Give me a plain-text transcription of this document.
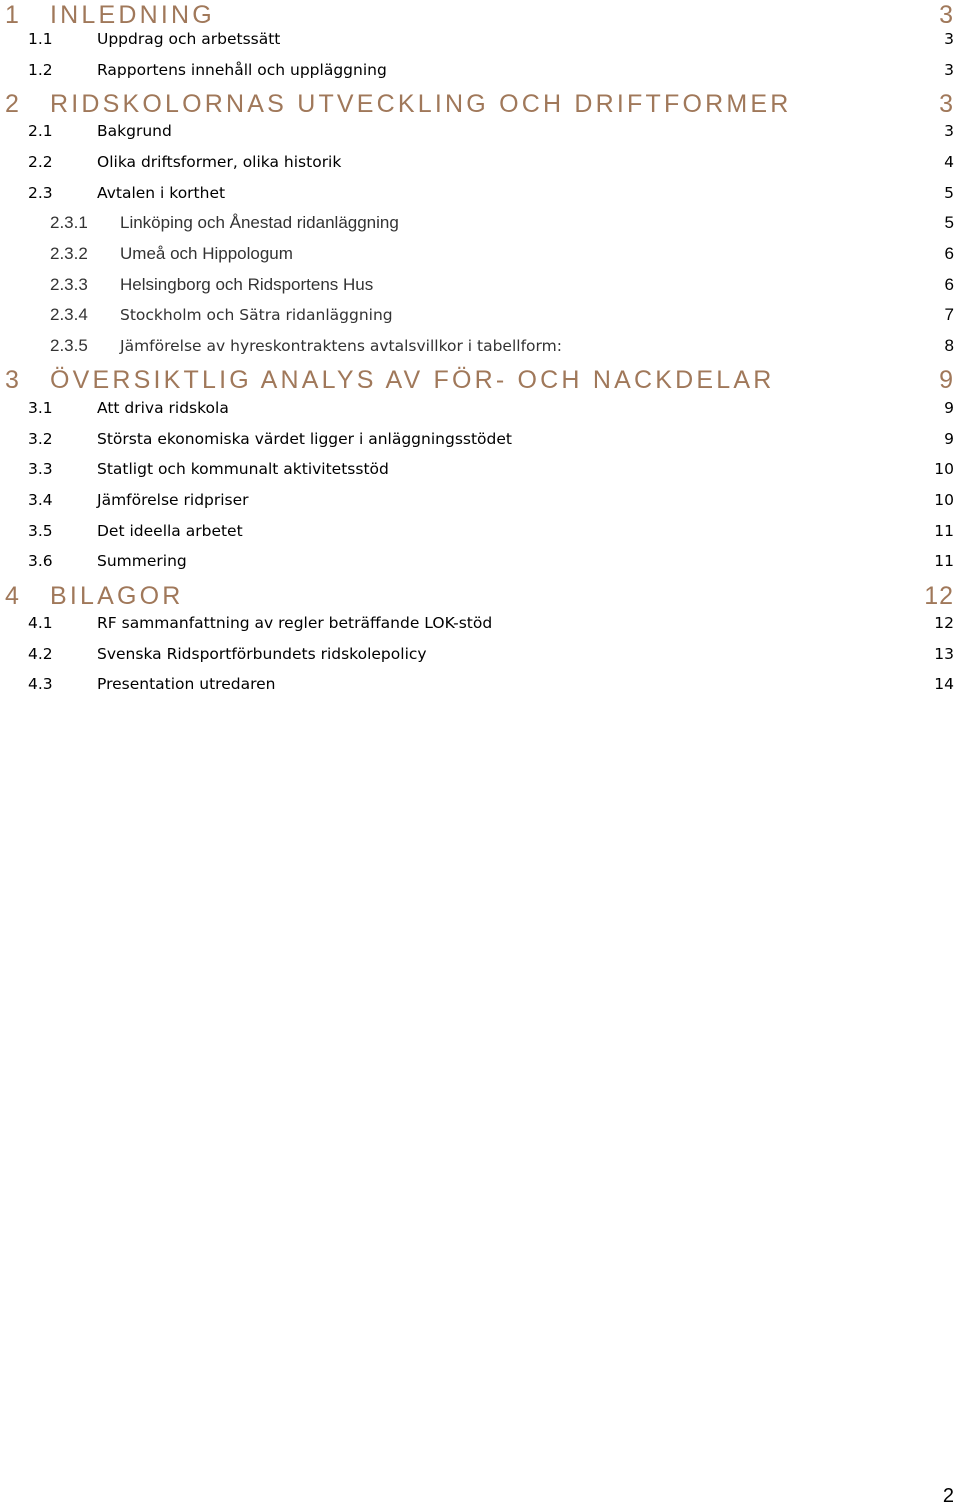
1 INLEDNING	3
1.1	Uppdrag och arbetssätt	3
1.2	Rapportens innehåll och uppläggning	3
2 RIDSKOLORNAS UTVECKLING OCH DRIFTFORMER	3
2.1	Bakgrund	3
2.2	Olika driftsformer, olika historik	4
2.3	Avtalen i korthet	5
2.3.1 Linköping och Ånestad ridanläggning	5
2.3.2 Umeå och Hippologum	6
2.3.3 Helsingborg och Ridsportens Hus	6
2.3.4 Stockholm och Sätra ridanläggning	7
2.3.5 Jämförelse av hyreskontraktens avtalsvillkor i tabellform:	8
3 ÖVERSIKTLIG ANALYS AV FÖR- OCH NACKDELAR	9
3.1	Att driva ridskola	9
3.2	Största ekonomiska värdet ligger i anläggningsstödet	9
3.3	Statligt och kommunalt aktivitetsstöd	10
3.4	Jämförelse ridpriser	10
3.5	Det ideella arbetet	11
3.6	Summering	11
4 BILAGOR	12
4.1	RF sammanfattning av regler beträffande LOK-stöd	12
4.2	Svenska Ridsportförbundets ridskolepolicy	13
4.3	Presentation utredaren	14
2
